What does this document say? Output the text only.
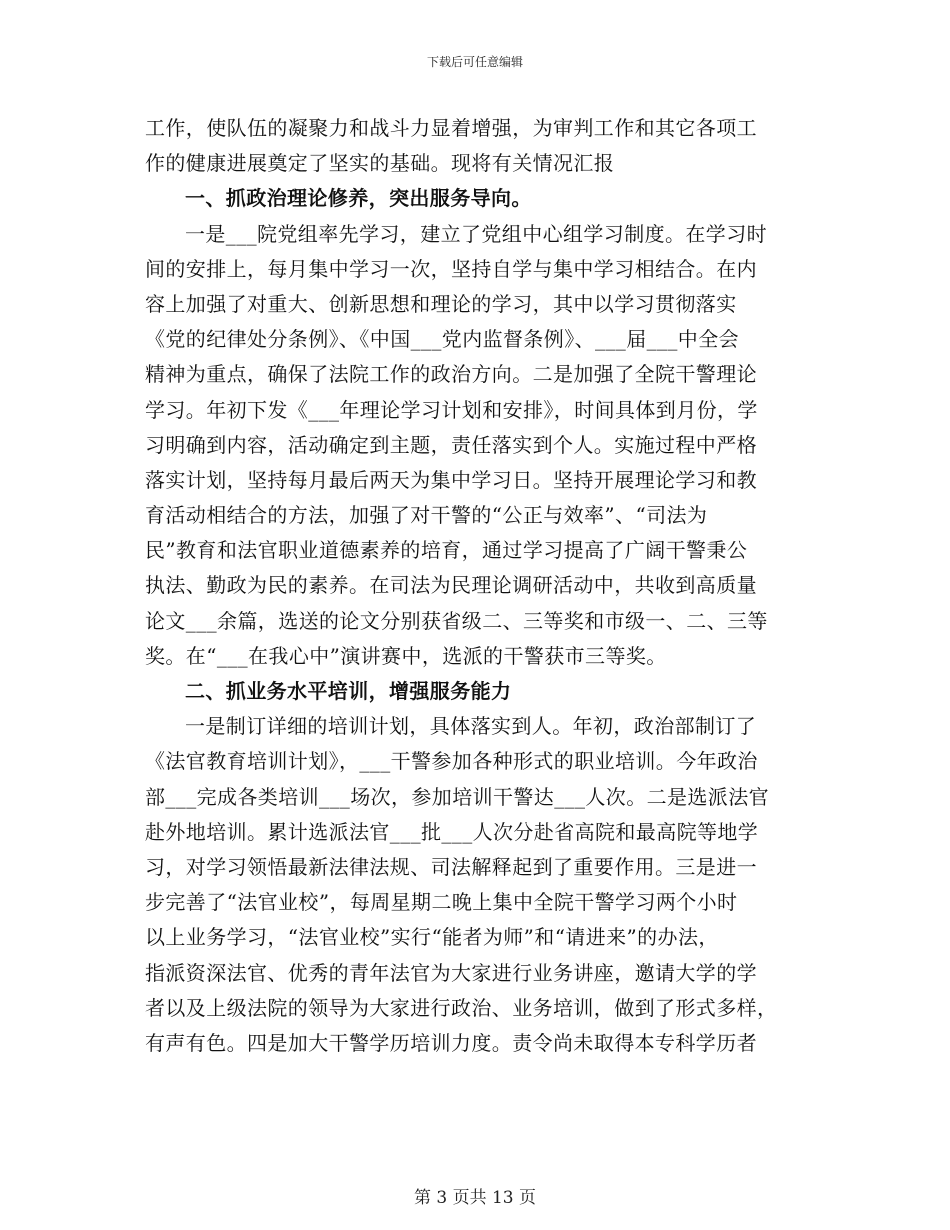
下载后可任意编辑
工作，使队伍的凝聚力和战斗力显着增强，为审判工作和其它各项工
作的健康进展奠定了坚实的基础。现将有关情况汇报
一、抓政治理论修养，突出服务导向。
一是___院党组率先学习，建立了党组中心组学习制度。在学习时
间的安排上，每月集中学习一次，坚持自学与集中学习相结合。在内
容上加强了对重大、创新思想和理论的学习，其中以学习贯彻落实
《党的纪律处分条例》、《中国___党内监督条例》、___届___中全会
精神为重点，确保了法院工作的政治方向。二是加强了全院干警理论
学习。年初下发《___年理论学习计划和安排》，时间具体到月份，学
习明确到内容，活动确定到主题，责任落实到个人。实施过程中严格
落实计划，坚持每月最后两天为集中学习日。坚持开展理论学习和教
育活动相结合的方法，加强了对干警的“公正与效率”、“司法为
民”教育和法官职业道德素养的培育，通过学习提高了广阔干警秉公
执法、勤政为民的素养。在司法为民理论调研活动中，共收到高质量
论文___余篇，选送的论文分别获省级二、三等奖和市级一、二、三等
奖。在“___在我心中”演讲赛中，选派的干警获市三等奖。
二、抓业务水平培训，增强服务能力
一是制订详细的培训计划，具体落实到人。年初，政治部制订了
《法官教育培训计划》，___干警参加各种形式的职业培训。今年政治
部___完成各类培训___场次，参加培训干警达___人次。二是选派法官
赴外地培训。累计选派法官___批___人次分赴省高院和最高院等地学
习，对学习领悟最新法律法规、司法解释起到了重要作用。三是进一
步完善了“法官业校”，每周星期二晚上集中全院干警学习两个小时
以上业务学习，“法官业校”实行“能者为师”和“请进来”的办法，
指派资深法官、优秀的青年法官为大家进行业务讲座，邀请大学的学
者以及上级法院的领导为大家进行政治、业务培训，做到了形式多样，
有声有色。四是加大干警学历培训力度。责令尚未取得本专科学历者
第 3 页共 13 页
